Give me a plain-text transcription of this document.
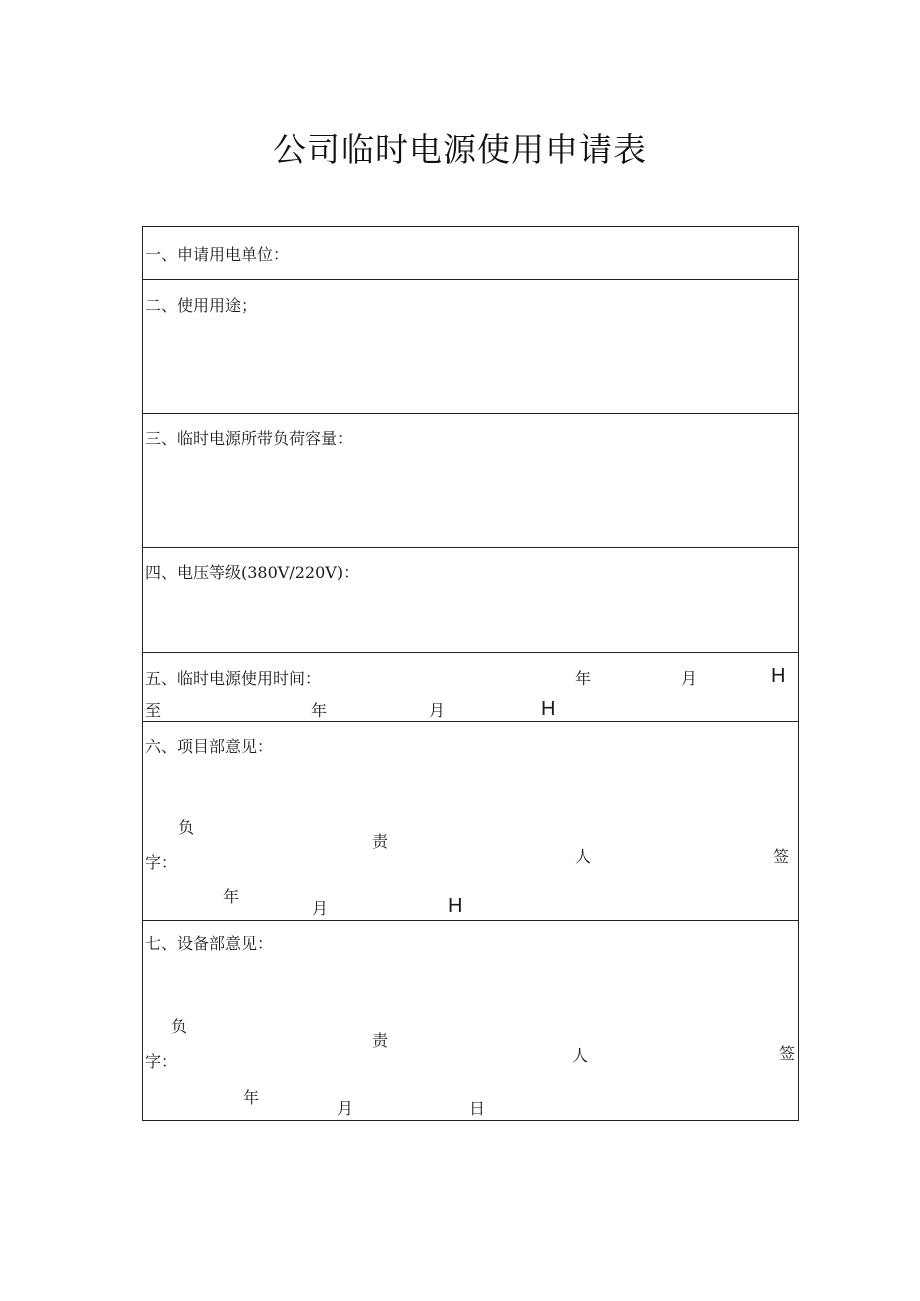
公司临时电源使用申请表
一、申请用电单位：
二、使用用途；
三、临时电源所带负荷容量：
四、电压等级(380V/220V)：
五、临时电源使用时间：	年	月	H
至	年	月	H
六、项目部意见：
负
责
人	签
字：
年
月	H
七、设备部意见：
负
责
人	签
字：
年
月	日
